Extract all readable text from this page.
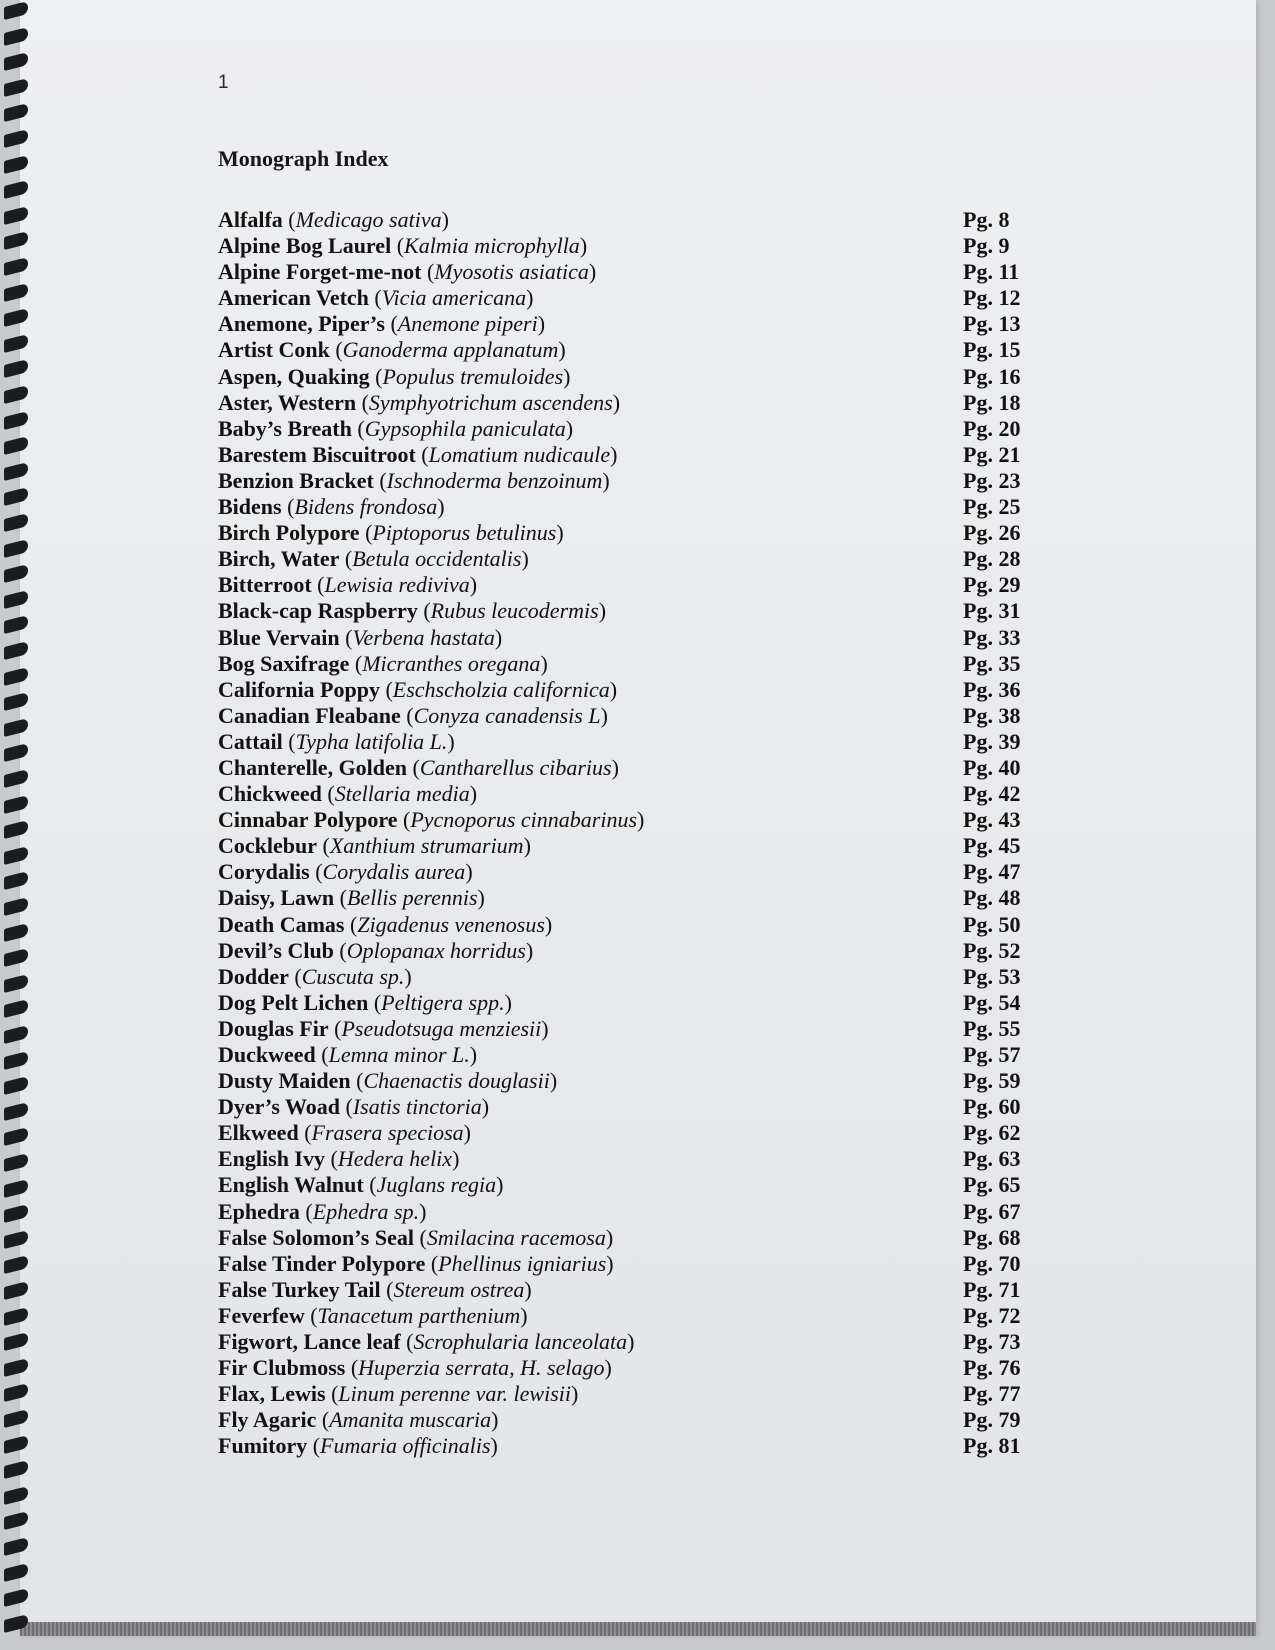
1
Monograph Index
Alfalfa (Medicago sativa)	Pg. 8
Alpine Bog Laurel (Kalmia microphylla)	Pg. 9
Alpine Forget-me-not (Myosotis asiatica)	Pg. 11
American Vetch (Vicia americana)	Pg. 12
Anemone, Piper’s (Anemone piperi)	Pg. 13
Artist Conk (Ganoderma applanatum)	Pg. 15
Aspen, Quaking (Populus tremuloides)	Pg. 16
Aster, Western (Symphyotrichum ascendens)	Pg. 18
Baby’s Breath (Gypsophila paniculata)	Pg. 20
Barestem Biscuitroot (Lomatium nudicaule)	Pg. 21
Benzion Bracket (Ischnoderma benzoinum)	Pg. 23
Bidens (Bidens frondosa)	Pg. 25
Birch Polypore (Piptoporus betulinus)	Pg. 26
Birch, Water (Betula occidentalis)	Pg. 28
Bitterroot (Lewisia rediviva)	Pg. 29
Black-cap Raspberry (Rubus leucodermis)	Pg. 31
Blue Vervain (Verbena hastata)	Pg. 33
Bog Saxifrage (Micranthes oregana)	Pg. 35
California Poppy (Eschscholzia californica)	Pg. 36
Canadian Fleabane (Conyza canadensis L)	Pg. 38
Cattail (Typha latifolia L.)	Pg. 39
Chanterelle, Golden (Cantharellus cibarius)	Pg. 40
Chickweed (Stellaria media)	Pg. 42
Cinnabar Polypore (Pycnoporus cinnabarinus)	Pg. 43
Cocklebur (Xanthium strumarium)	Pg. 45
Corydalis (Corydalis aurea)	Pg. 47
Daisy, Lawn (Bellis perennis)	Pg. 48
Death Camas (Zigadenus venenosus)	Pg. 50
Devil’s Club (Oplopanax horridus)	Pg. 52
Dodder (Cuscuta sp.)	Pg. 53
Dog Pelt Lichen (Peltigera spp.)	Pg. 54
Douglas Fir (Pseudotsuga menziesii)	Pg. 55
Duckweed (Lemna minor L.)	Pg. 57
Dusty Maiden (Chaenactis douglasii)	Pg. 59
Dyer’s Woad (Isatis tinctoria)	Pg. 60
Elkweed (Frasera speciosa)	Pg. 62
English Ivy (Hedera helix)	Pg. 63
English Walnut (Juglans regia)	Pg. 65
Ephedra (Ephedra sp.)	Pg. 67
False Solomon’s Seal (Smilacina racemosa)	Pg. 68
False Tinder Polypore (Phellinus igniarius)	Pg. 70
False Turkey Tail (Stereum ostrea)	Pg. 71
Feverfew (Tanacetum parthenium)	Pg. 72
Figwort, Lance leaf (Scrophularia lanceolata)	Pg. 73
Fir Clubmoss (Huperzia serrata, H. selago)	Pg. 76
Flax, Lewis (Linum perenne var. lewisii)	Pg. 77
Fly Agaric (Amanita muscaria)	Pg. 79
Fumitory (Fumaria officinalis)	Pg. 81
